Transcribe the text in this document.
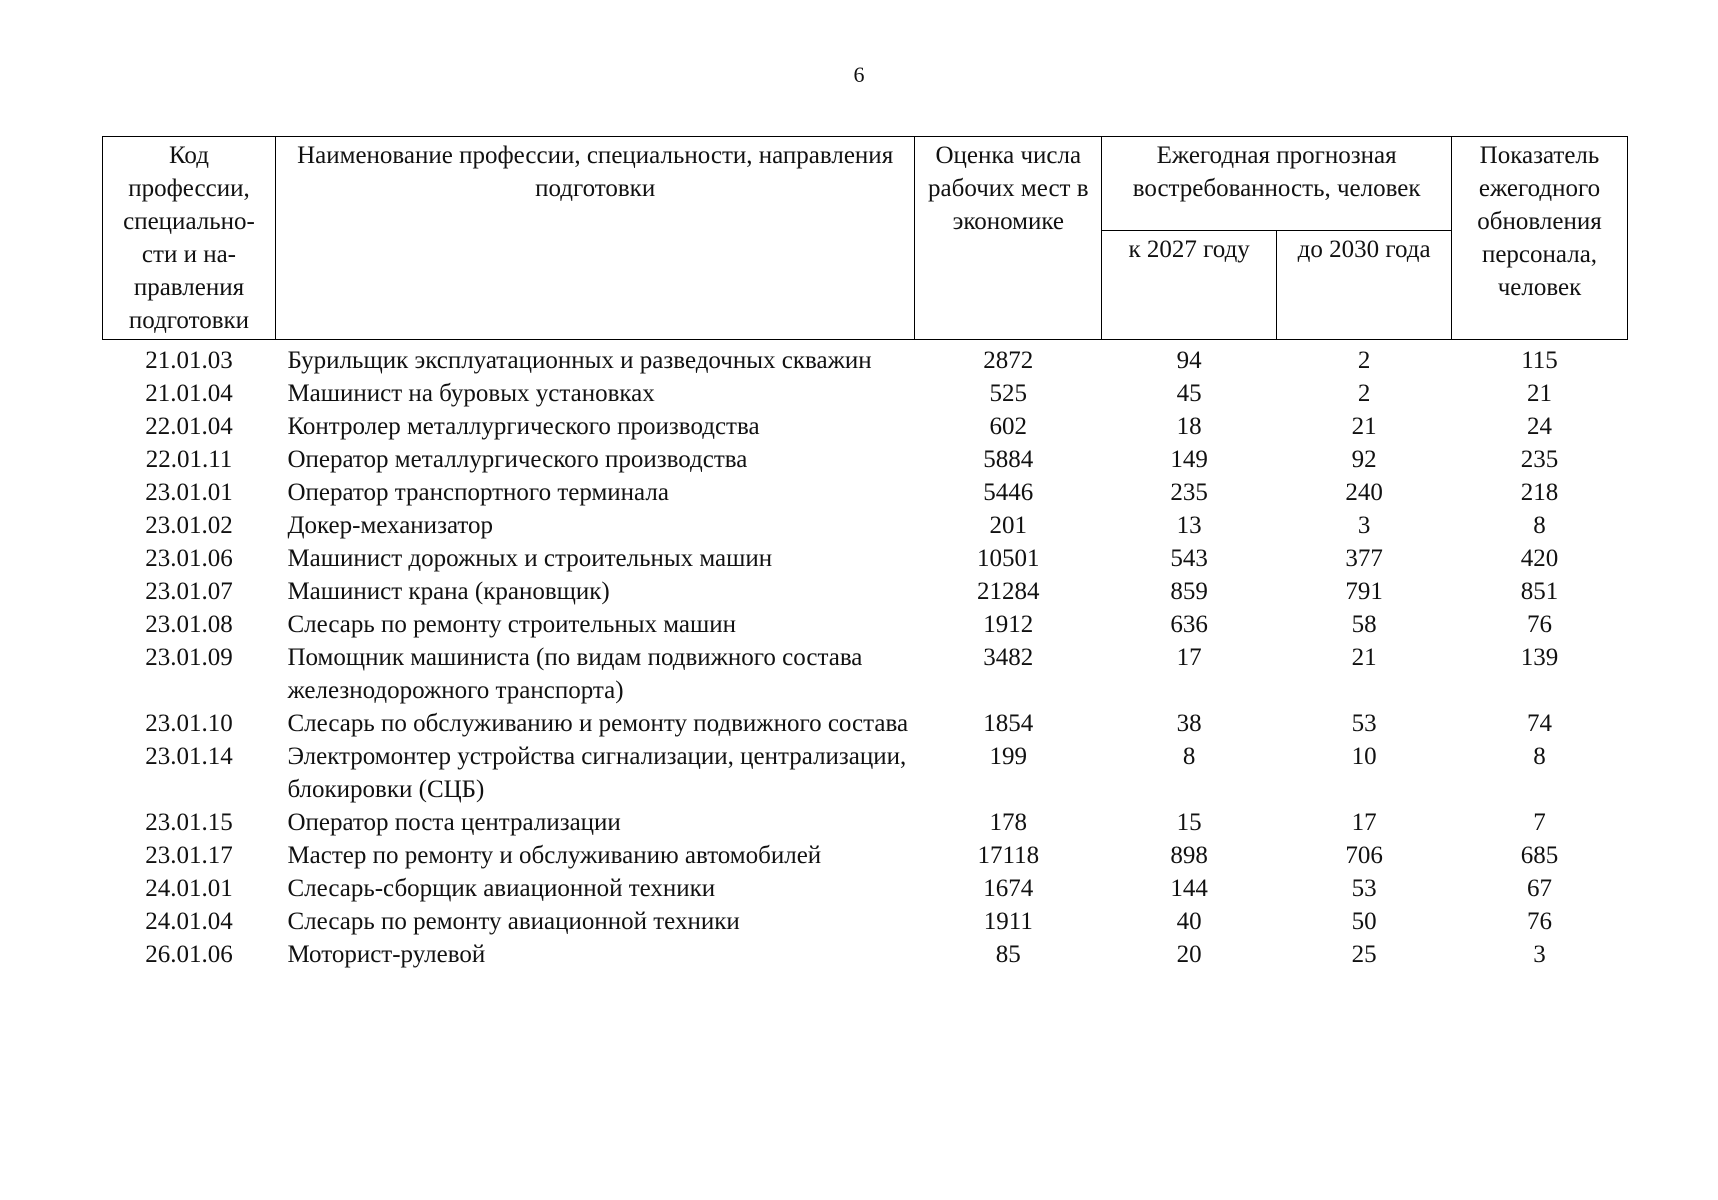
6
Код профессии, специально-сти и на-правления подготовки	Наименование профессии, специальности, направления подготовки	Оценка числа рабочих мест в экономике	Ежегодная прогнозная востребованность, человек		Показатель ежегодного обновления персонала, человек
			к 2027 году	до 2030 года	
21.01.03	Бурильщик эксплуатационных и разведочных скважин	2872	94	2	115
21.01.04	Машинист на буровых установках	525	45	2	21
22.01.04	Контролер металлургического производства	602	18	21	24
22.01.11	Оператор металлургического производства	5884	149	92	235
23.01.01	Оператор транспортного терминала	5446	235	240	218
23.01.02	Докер-механизатор	201	13	3	8
23.01.06	Машинист дорожных и строительных машин	10501	543	377	420
23.01.07	Машинист крана (крановщик)	21284	859	791	851
23.01.08	Слесарь по ремонту строительных машин	1912	636	58	76
23.01.09	Помощник машиниста (по видам подвижного состава железнодорожного транспорта)	3482	17	21	139
23.01.10	Слесарь по обслуживанию и ремонту подвижного состава	1854	38	53	74
23.01.14	Электромонтер устройства сигнализации, централизации, блокировки (СЦБ)	199	8	10	8
23.01.15	Оператор поста централизации	178	15	17	7
23.01.17	Мастер по ремонту и обслуживанию автомобилей	17118	898	706	685
24.01.01	Слесарь-сборщик авиационной техники	1674	144	53	67
24.01.04	Слесарь по ремонту авиационной техники	1911	40	50	76
26.01.06	Моторист-рулевой	85	20	25	3
